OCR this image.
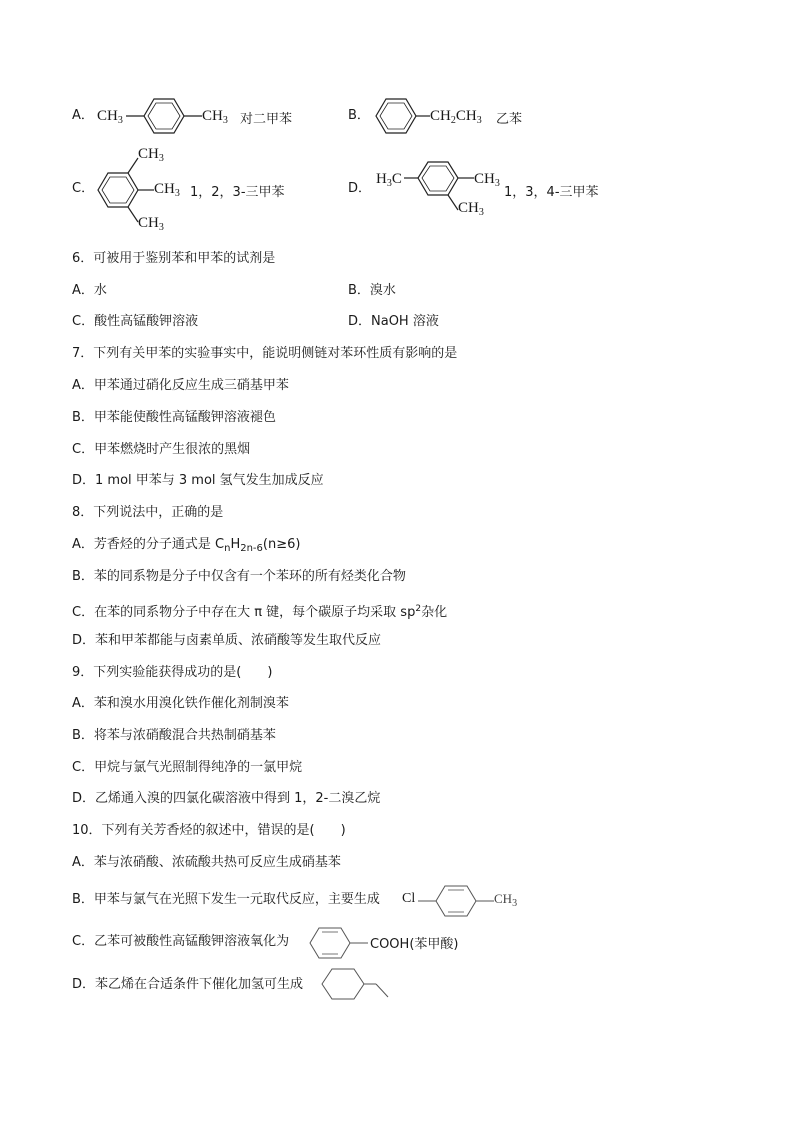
A． $CH_3$	$CH_3$ 对二甲苯	B．	$CH_2CH_3$ 乙苯
C．
$CH_3$
$CH_3$
$CH_3$
1，2，3-三甲苯	D．
$H_3C$	$CH_3$
$CH_3$
1，3，4-三甲苯
6．可被用于鉴别苯和甲苯的试剂是
A．水	B．溴水
C．酸性高锰酸钾溶液	D．NaOH 溶液
7．下列有关甲苯的实验事实中，能说明侧链对苯环性质有影响的是
A．甲苯通过硝化反应生成三硝基甲苯
B．甲苯能使酸性高锰酸钾溶液褪色
C．甲苯燃烧时产生很浓的黑烟
D．1 mol 甲苯与 3 mol 氢气发生加成反应
8．下列说法中，正确的是
A．芳香烃的分子通式是 $C_nH_{2n-6}(n\ge 6)$
B．苯的同系物是分子中仅含有一个苯环的所有烃类化合物
C．在苯的同系物分子中存在大 π 键，每个碳原子均采取 $sp^2$杂化
D．苯和甲苯都能与卤素单质、浓硝酸等发生取代反应
9．下列实验能获得成功的是(　　)
A．苯和溴水用溴化铁作催化剂制溴苯
B．将苯与浓硝酸混合共热制硝基苯
C．甲烷与氯气光照制得纯净的一氯甲烷
D．乙烯通入溴的四氯化碳溶液中得到 1，2-二溴乙烷
10．下列有关芳香烃的叙述中，错误的是(　　)
A．苯与浓硝酸、浓硫酸共热可反应生成硝基苯
B．甲苯与氯气在光照下发生一元取代反应，主要生成 Cl	$CH_3$
C．乙苯可被酸性高锰酸钾溶液氧化为	COOH(苯甲酸)
D．苯乙烯在合适条件下催化加氢可生成
